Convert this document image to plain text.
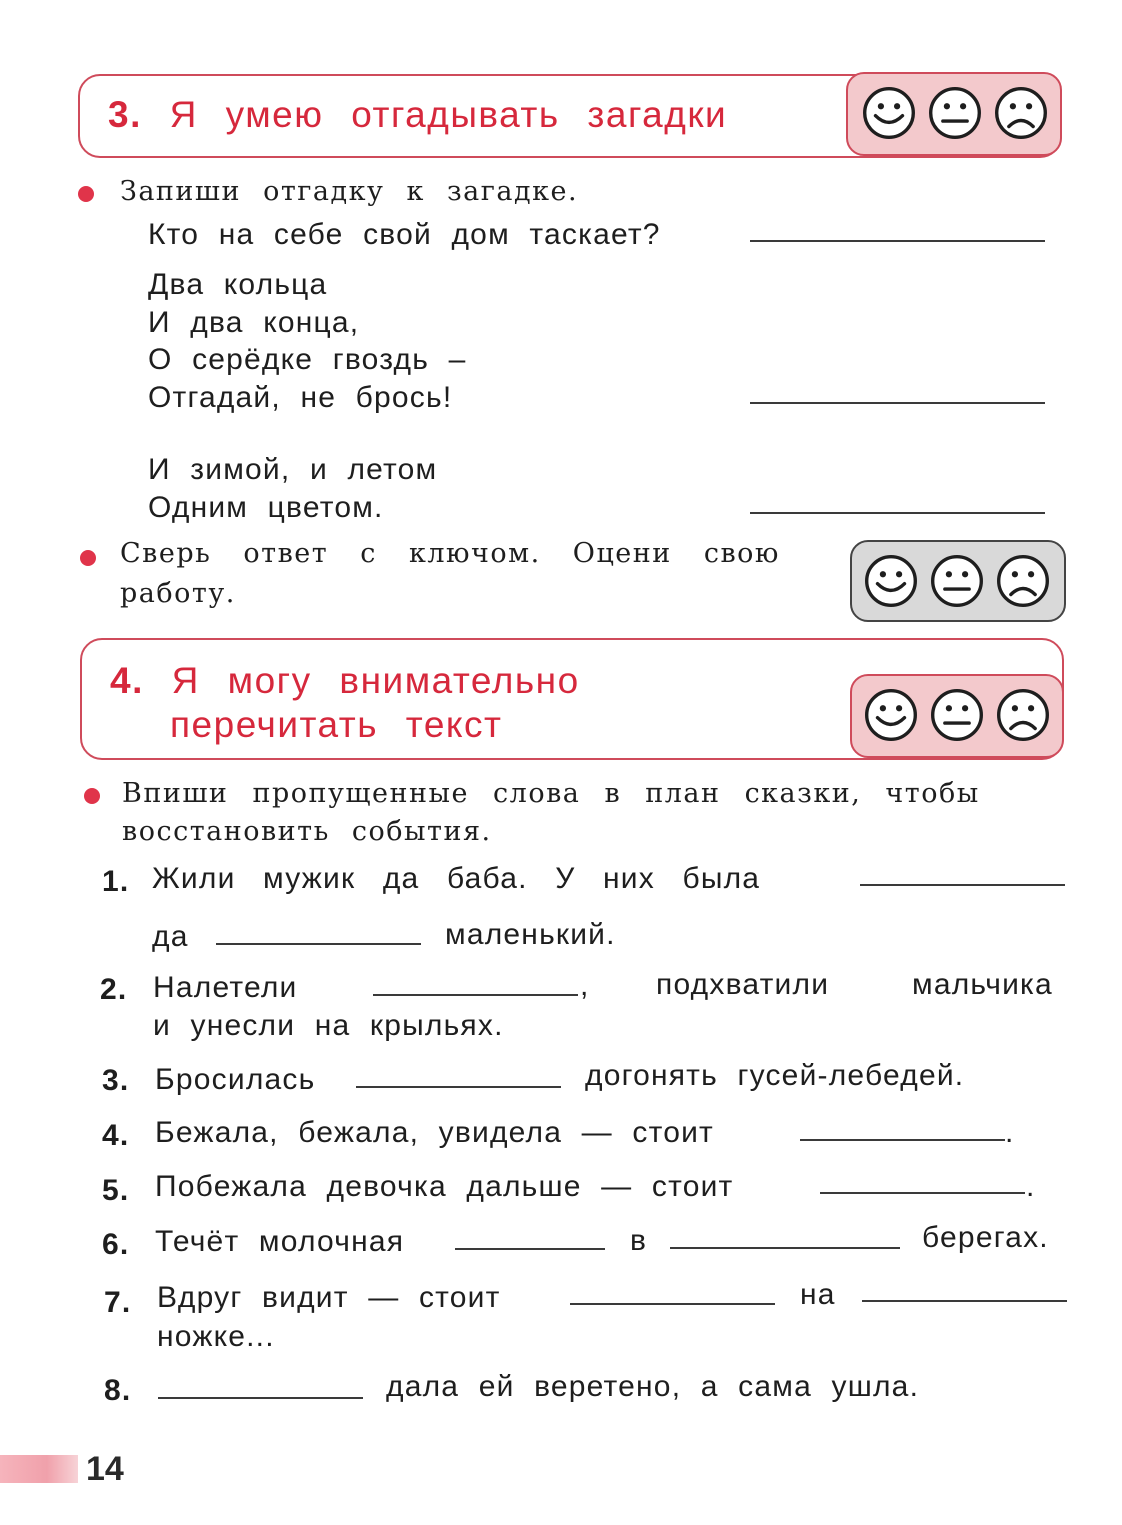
3. Я умею отгадывать загадки
Запиши отгадку к загадке.
Кто на себе свой дом таскает?
Два кольца
И два конца,
О серёдке гвоздь –
Отгадай, не брось!
И зимой, и летом
Одним цветом.
Сверь ответ с ключом. Оцени свою
работу.
4. Я могу внимательно
перечитать текст
Впиши пропущенные слова в план сказки, чтобы
восстановить события.
1. Жили мужик да баба. У них была
да	маленький.
2. Налетели	, подхватили	мальчика
и унесли на крыльях.
3. Бросилась	догонять гусей-лебедей.
4. Бежала, бежала, увидела — стоит	.
5. Побежала девочка дальше — стоит	.
6. Течёт молочная	в	берегах.
7. Вдруг видит — стоит	на
ножке...
8.	дала ей веретено, а сама ушла.
14
